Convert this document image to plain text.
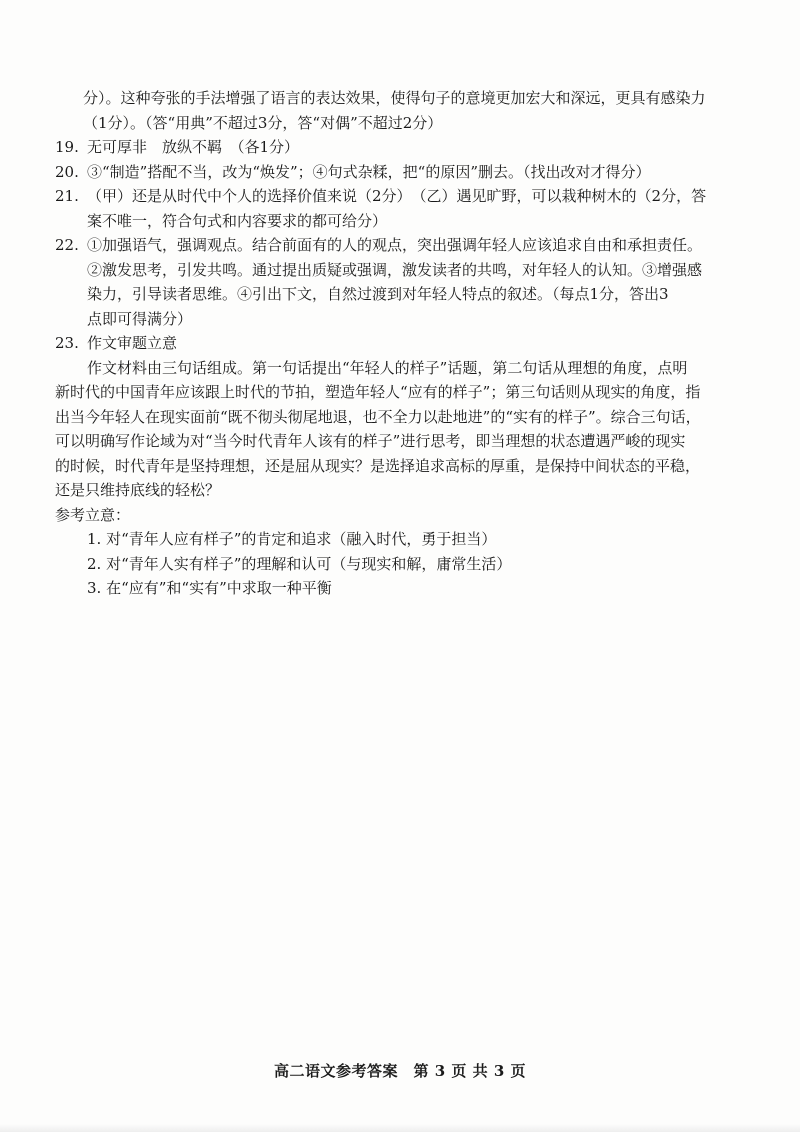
分）。这种夸张的手法增强了语言的表达效果，使得句子的意境更加宏大和深远，更具有感染力
（1分）。（答“用典”不超过3分，答“对偶”不超过2分）
19. 无可厚非　放纵不羁　（各1分）
20. ③“制造”搭配不当，改为“焕发”；④句式杂糅，把“的原因”删去。（找出改对才得分）
21. （甲）还是从时代中个人的选择价值来说（2分）　（乙）遇见旷野，可以栽种树木的（2分，答
案不唯一，符合句式和内容要求的都可给分）
22. ①加强语气，强调观点。结合前面有的人的观点，突出强调年轻人应该追求自由和承担责任。
②激发思考，引发共鸣。通过提出质疑或强调，激发读者的共鸣，对年轻人的认知。③增强感
染力，引导读者思维。④引出下文，自然过渡到对年轻人特点的叙述。（每点1分，答出3
点即可得满分）
23. 作文审题立意
作文材料由三句话组成。第一句话提出“年轻人的样子”话题，第二句话从理想的角度，点明
新时代的中国青年应该跟上时代的节拍，塑造年轻人“应有的样子”；第三句话则从现实的角度，指
出当今年轻人在现实面前“既不彻头彻尾地退，也不全力以赴地进”的“实有的样子”。综合三句话，
可以明确写作论域为对“当今时代青年人该有的样子”进行思考，即当理想的状态遭遇严峻的现实
的时候，时代青年是坚持理想，还是屈从现实？是选择追求高标的厚重，是保持中间状态的平稳，
还是只维持底线的轻松？
参考立意：
1. 对“青年人应有样子”的肯定和追求（融入时代，勇于担当）
2. 对“青年人实有样子”的理解和认可（与现实和解，庸常生活）
3. 在“应有”和“实有”中求取一种平衡
高二语文参考答案　第 3 页 共 3 页
